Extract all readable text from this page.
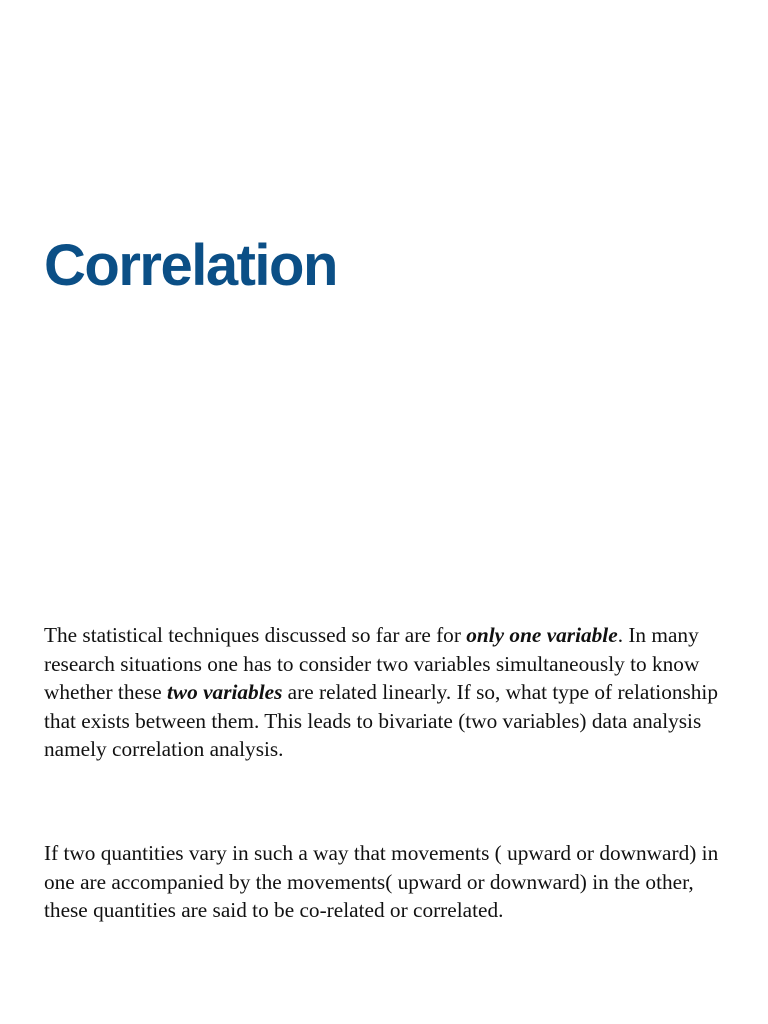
Correlation

The statistical techniques discussed so far are for only one variable. In many research situations one has to consider two variables simultaneously to know whether these two variables are related linearly. If so, what type of relationship that exists between them. This leads to bivariate (two variables) data analysis namely correlation analysis.

If two quantities vary in such a way that movements ( upward or downward) in one are accompanied by the movements( upward or downward) in the other, these quantities are said to be co-related or correlated.
